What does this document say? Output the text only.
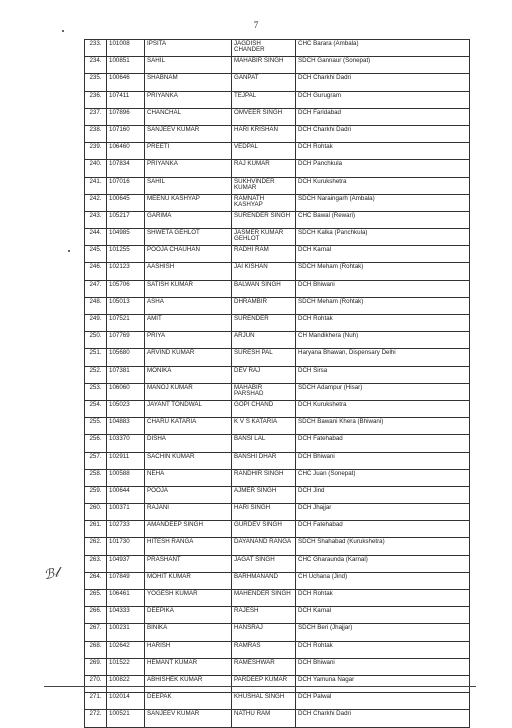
7
ℬ𝓁
233.	101008	IPSITA	JAGDISH CHANDER	CHC Barara (Ambala)
234.	100851	SAHIL	MAHABIR SINGH	SDCH Gannaur (Sonepat)
235.	100646	SHABNAM	GANPAT	DCH Charkhi Dadri
236.	107411	PRIYANKA	TEJPAL	DCH Gurugram
237.	107896	CHANCHAL	OMVEER SINGH	DCH Faridabad
238.	107160	SANJEEV KUMAR	HARI KRISHAN	DCH Charkhi Dadri
239.	106460	PREETI	VEDPAL	DCH Rohtak
240.	107834	PRIYANKA	RAJ KUMAR	DCH Panchkula
241.	107016	SAHIL	SUKHVINDER KUMAR	DCH Kurukshetra
242.	100645	MEENU KASHYAP	RAMNATH KASHYAP	SDCH Naraingarh (Ambala)
243.	105217	GARIMA	SURENDER SINGH	CHC Bawal (Rewari)
244.	104985	SHWETA GEHLOT	JASMER KUMAR GEHLOT	SDCH Kalka (Panchkula)
245.	101255	POOJA CHAUHAN	RADHI RAM	DCH Karnal
246.	102123	AASHISH	JAI KISHAN	SDCH Meham (Rohtak)
247.	105706	SATISH KUMAR	BALWAN SINGH	DCH Bhiwani
248.	105013	ASHA	DHRAMBIR	SDCH Meham (Rohtak)
249.	107521	AMIT	SURENDER	DCH Rohtak
250.	107769	PRIYA	ARJUN	CH Mandikhera (Nuh)
251.	105680	ARVIND KUMAR	SURESH PAL	Haryana Bhawan, Dispensary Delhi
252.	107381	MONIKA	DEV RAJ	DCH Sirsa
253.	106060	MANOJ KUMAR	MAHABIR PARSHAD	SDCH Adampur (Hisar)
254.	105023	JAYANT TONDWAL	GOPI CHAND	DCH Kurukshetra
255.	104883	CHARU KATARIA	K V S KATARIA	SDCH Bawani Khera (Bhiwani)
256.	103370	DISHA	BANSI LAL	DCH Fatehabad
257.	102911	SACHIN KUMAR	BANSHI DHAR	DCH Bhiwani
258.	100588	NEHA	RANDHIR SINGH	CHC Juan (Sonepat)
259.	100644	POOJA	AJMER SINGH	DCH Jind
260.	100371	RAJANI	HARI SINGH	DCH Jhajjar
261.	102733	AMANDEEP SINGH	GURDEV SINGH	DCH Fatehabad
262.	101730	HITESH RANGA	DAYANAND RANGA	SDCH Shahabad (Kurukshetra)
263.	104937	PRASHANT	JAGAT SINGH	CHC Gharaunda (Karnal)
264.	107849	MOHIT KUMAR	BARHMANAND	CH Uchana (Jind)
265.	106461	YOGESH KUMAR	MAHENDER SINGH	DCH Rohtak
266.	104333	DEEPIKA	RAJESH	DCH Karnal
267.	100231	BINIKA	HANSRAJ	SDCH Beri (Jhajjar)
268.	102642	HARISH	RAMRAS	DCH Rohtak
269.	101522	HEMANT KUMAR	RAMESHWAR	DCH Bhiwani
270.	100822	ABHISHEK KUMAR	PARDEEP KUMAR	DCH Yamuna Nagar
271.	102014	DEEPAK	KHUSHAL SINGH	DCH Palwal
272.	100521	SANJEEV KUMAR	NATHU RAM	DCH Charkhi Dadri
